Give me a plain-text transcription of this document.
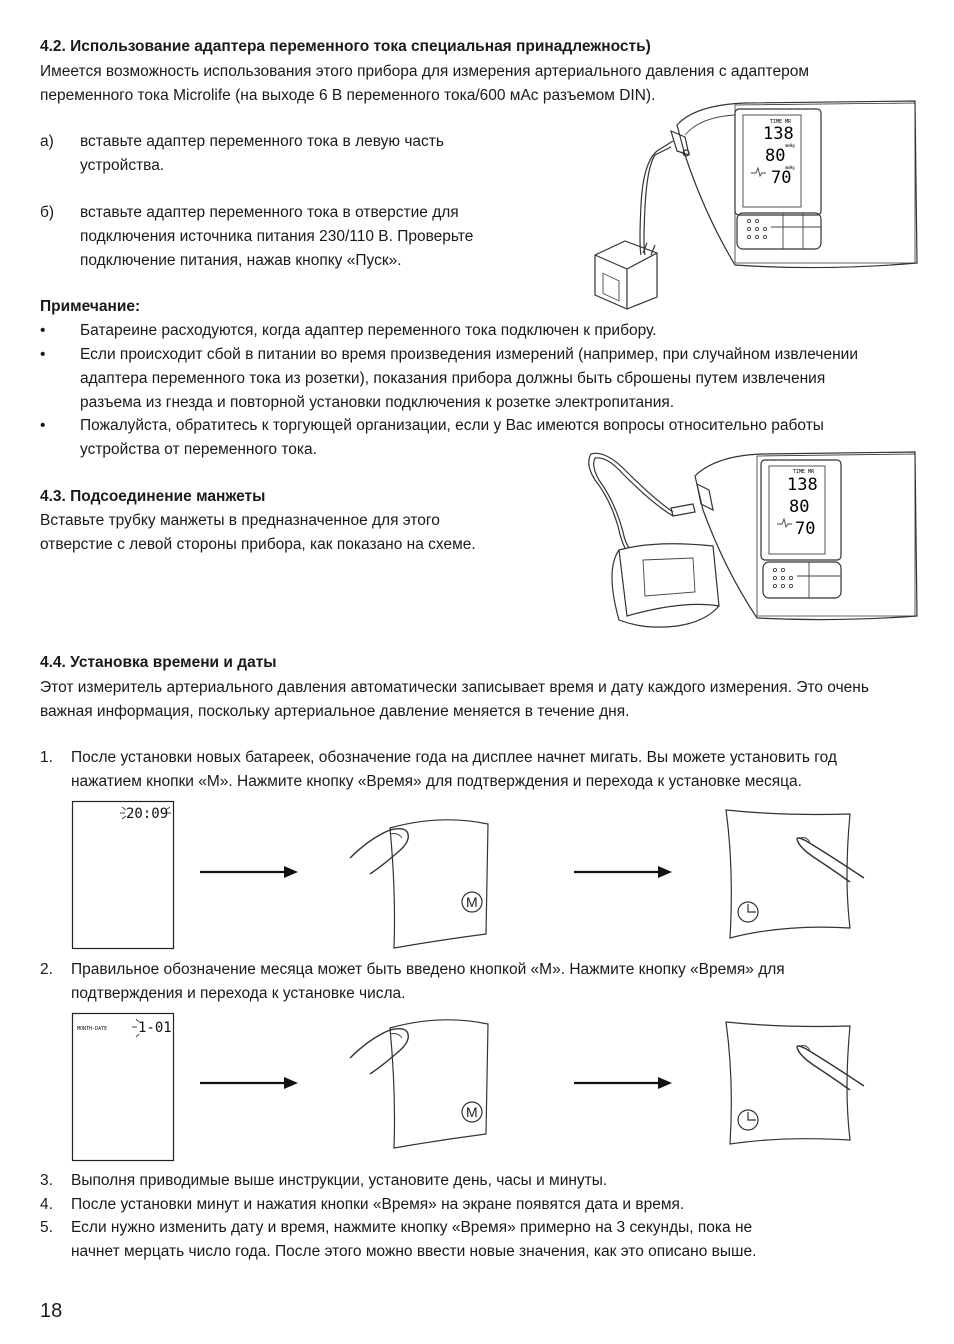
4.2. Использование адаптера переменного тока специальная принадлежность)

Имеется возможность использования этого прибора для измерения артериального давления с адаптером

переменного тока Microlife (на выходе 6 В переменного тока/600 мАс разъемом DIN).

а) вставьте адаптер переменного тока в левую часть
устройства.
б) вставьте адаптер переменного тока в отверстие для
подключения источника питания 230/110 В. Проверьте
подключение питания, нажав кнопку «Пуск».
TIME MR
138
mmHg
80
mmHg
70
Примечание:
• Батареине расходуются, когда адаптер переменного тока подключен к прибору.
• Если происходит сбой в питании во время произведения измерений (например, при случайном извлечении
адаптера переменного тока из розетки), показания прибора должны быть сброшены путем извлечения
разъема из гнезда и повторной установки подключения к розетке электропитания.
• Пожалуйста, обратитесь к торгующей организации, если у Вас имеются вопросы относительно работы
устройства от переменного тока.
4.3. Подсоединение манжеты

Вставьте трубку манжеты в предназначенное для этого

отверстие с левой стороны прибора, как показано на схеме.

TIME MR
138
80
70
4.4. Установка времени и даты

Этот измеритель артериального давления автоматически записывает время и дату каждого измерения. Это очень

важная информация, поскольку артериальное давление меняется в течение дня.

1. После установки новых батареек, обозначение года на дисплее начнет мигать. Вы можете установить год
нажатием кнопки «M». Нажмите кнопку «Время» для подтверждения и перехода к установке месяца.
20:09
M
2. Правильное обозначение месяца может быть введено кнопкой «M». Нажмите кнопку «Время» для
подтверждения и перехода к установке числа.
MONTH-DATE 1-01
M
3. Выполня приводимые выше инструкции, установите день, часы и минуты.
4. После установки минут и нажатия кнопки «Время» на экране появятся дата и время.
5. Если нужно изменить дату и время, нажмите кнопку «Время» примерно на 3 секунды, пока не
начнет мерцать число года. После этого можно ввести новые значения, как это описано выше.
18
